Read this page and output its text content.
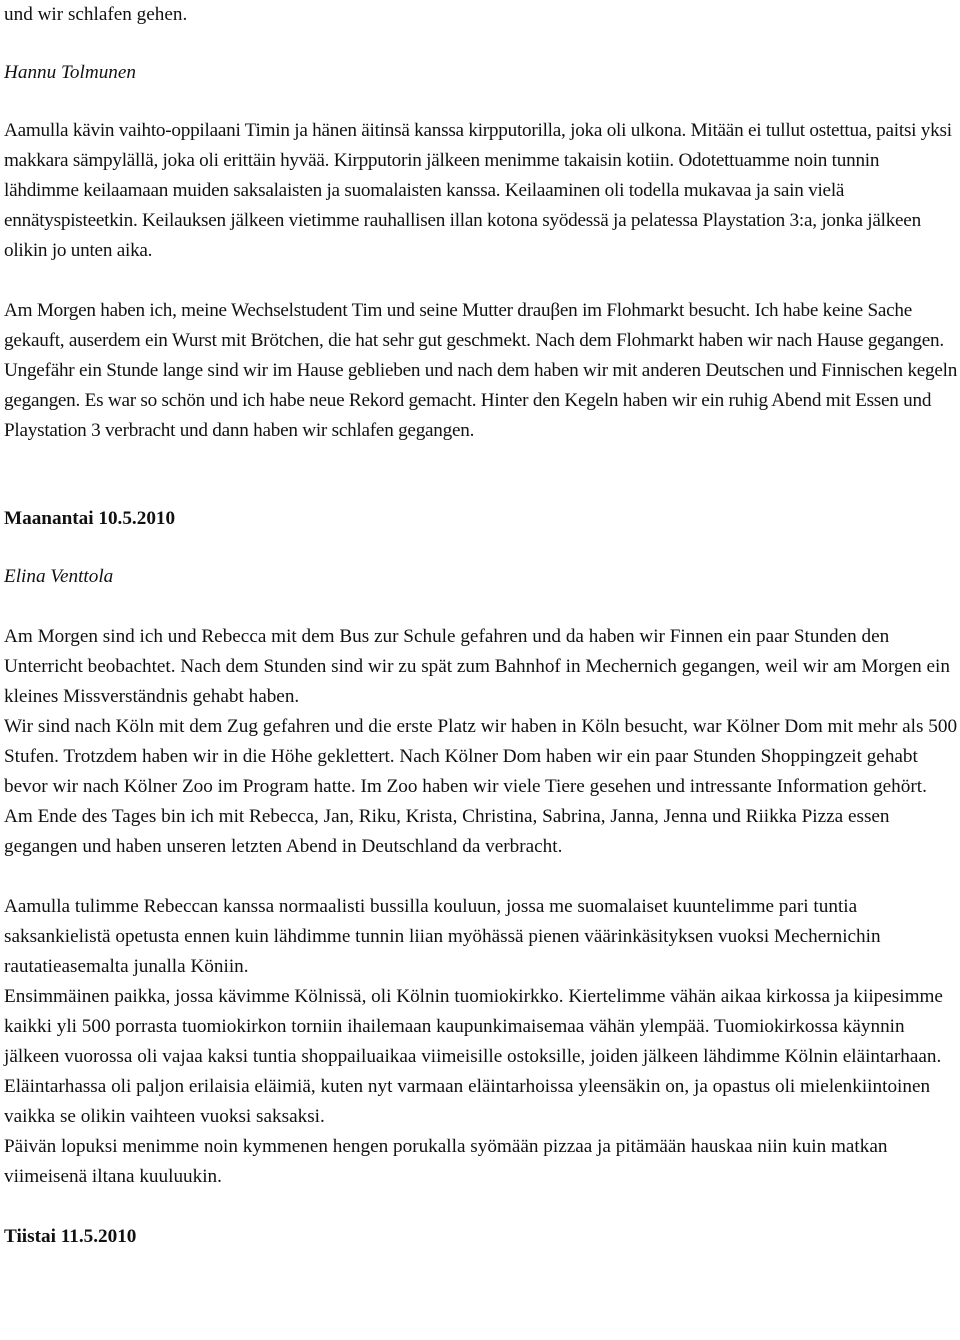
und wir schlafen gehen.

Hannu Tolmunen

Aamulla kävin vaihto-oppilaani Timin ja hänen äitinsä kanssa kirpputorilla, joka oli ulkona. Mitään ei tullut ostettua, paitsi yksi makkara sämpylällä, joka oli erittäin hyvää. Kirpputorin jälkeen menimme takaisin kotiin. Odotettuamme noin tunnin lähdimme keilaamaan muiden saksalaisten ja suomalaisten kanssa. Keilaaminen oli todella mukavaa ja sain vielä ennätyspisteetkin. Keilauksen jälkeen vietimme rauhallisen illan kotona syödessä ja pelatessa Playstation 3:a, jonka jälkeen olikin jo unten aika.

Am Morgen haben ich, meine Wechselstudent Tim und seine Mutter drauβen im Flohmarkt besucht. Ich habe keine Sache gekauft, auserdem ein Wurst mit Brötchen, die hat sehr gut geschmekt. Nach dem Flohmarkt haben wir nach Hause gegangen. Ungefähr ein Stunde lange sind wir im Hause geblieben und nach dem haben wir mit anderen Deutschen und Finnischen kegeln gegangen. Es war so schön und ich habe neue Rekord gemacht. Hinter den Kegeln haben wir ein ruhig Abend mit Essen und Playstation 3 verbracht und dann haben wir schlafen gegangen.

Maanantai 10.5.2010

Elina Venttola

Am Morgen sind ich und Rebecca mit dem Bus zur Schule gefahren und da haben wir Finnen ein paar Stunden den Unterricht beobachtet. Nach dem Stunden sind wir zu spät zum Bahnhof in Mechernich gegangen, weil wir am Morgen ein kleines Missverständnis gehabt haben.

Wir sind nach Köln mit dem Zug gefahren und die erste Platz wir haben in Köln besucht, war Kölner Dom mit mehr als 500 Stufen. Trotzdem haben wir in die Höhe geklettert. Nach Kölner Dom haben wir ein paar Stunden Shoppingzeit gehabt bevor wir nach Kölner Zoo im Program hatte. Im Zoo haben wir viele Tiere gesehen und intressante Information gehört.

Am Ende des Tages bin ich mit Rebecca, Jan, Riku, Krista, Christina, Sabrina, Janna, Jenna und Riikka Pizza essen gegangen und haben unseren letzten Abend in Deutschland da verbracht.

Aamulla tulimme Rebeccan kanssa normaalisti bussilla kouluun, jossa me suomalaiset kuuntelimme pari tuntia saksankielistä opetusta ennen kuin lähdimme tunnin liian myöhässä pienen väärinkäsityksen vuoksi Mechernichin rautatieasemalta junalla Köniin.

Ensimmäinen paikka, jossa kävimme Kölnissä, oli Kölnin tuomiokirkko. Kiertelimme vähän aikaa kirkossa ja kiipesimme kaikki yli 500 porrasta tuomiokirkon torniin ihailemaan kaupunkimaisemaa vähän ylempää. Tuomiokirkossa käynnin jälkeen vuorossa oli vajaa kaksi tuntia shoppailuaikaa viimeisille ostoksille, joiden jälkeen lähdimme Kölnin eläintarhaan. Eläintarhassa oli paljon erilaisia eläimiä, kuten nyt varmaan eläintarhoissa yleensäkin on, ja opastus oli mielenkiintoinen vaikka se olikin vaihteen vuoksi saksaksi.

Päivän lopuksi menimme noin kymmenen hengen porukalla syömään pizzaa ja pitämään hauskaa niin kuin matkan viimeisenä iltana kuuluukin.

Tiistai 11.5.2010
